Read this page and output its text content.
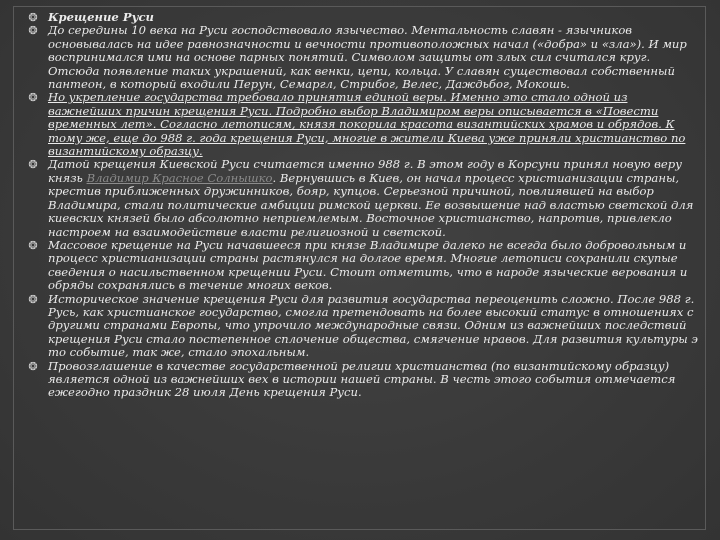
❂ Крещение Руси
❂ До середины 10 века на Руси господствовало язычество. Ментальность славян - язычников основывалась на идее равнозначности и вечности противоположных начал («добра» и «зла»). И мир воспринимался ими на основе парных понятий. Символом защиты от злых сил считался круг. Отсюда появление таких украшений, как венки, цепи, кольца. У славян существовал собственный пантеон, в который входили Перун, Семаргл, Стрибог, Велес, Даждьбог, Мокошь.
❂ Но укрепление государства требовало принятия единой веры. Именно это стало одной из важнейших причин крещения Руси. Подробно выбор Владимиром веры описывается в «Повести временных лет». Согласно летописям, князя покорила красота византийских храмов и обрядов. К тому же, еще до 988 г. года крещения Руси, многие в жители Киева уже приняли христианство по византийскому образцу.
❂ Датой крещения Киевской Руси считается именно 988 г. В этом году в Корсуни принял новую веру князь Владимир Красное Солнышко. Вернувшись в Киев, он начал процесс христианизации страны, крестив приближенных дружинников, бояр, купцов. Серьезной причиной, повлиявшей на выбор Владимира, стали политические амбиции римской церкви. Ее возвышение над властью светской для киевских князей было абсолютно неприемлемым. Восточное христианство, напротив, привлекло настроем на взаимодействие власти религиозной и светской.
❂ Массовое крещение на Руси начавшееся при князе Владимире далеко не всегда было добровольным и процесс христианизации страны растянулся на долгое время. Многие летописи сохранили скупые сведения о насильственном крещении Руси. Стоит отметить, что в народе языческие верования и обряды сохранялись в течение многих веков.
❂ Историческое значение крещения Руси для развития государства переоценить сложно. После 988 г. Русь, как христианское государство, смогла претендовать на более высокий статус в отношениях с другими странами Европы, что упрочило международные связи. Одним из важнейших последствий крещения Руси стало постепенное сплочение общества, смягчение нравов. Для развития культуры э то событие, так же, стало эпохальным.
❂ Провозглашение в качестве государственной религии христианства (по византийскому образцу) является одной из важнейших вех в истории нашей страны. В честь этого события отмечается ежегодно праздник 28 июля День крещения Руси.
